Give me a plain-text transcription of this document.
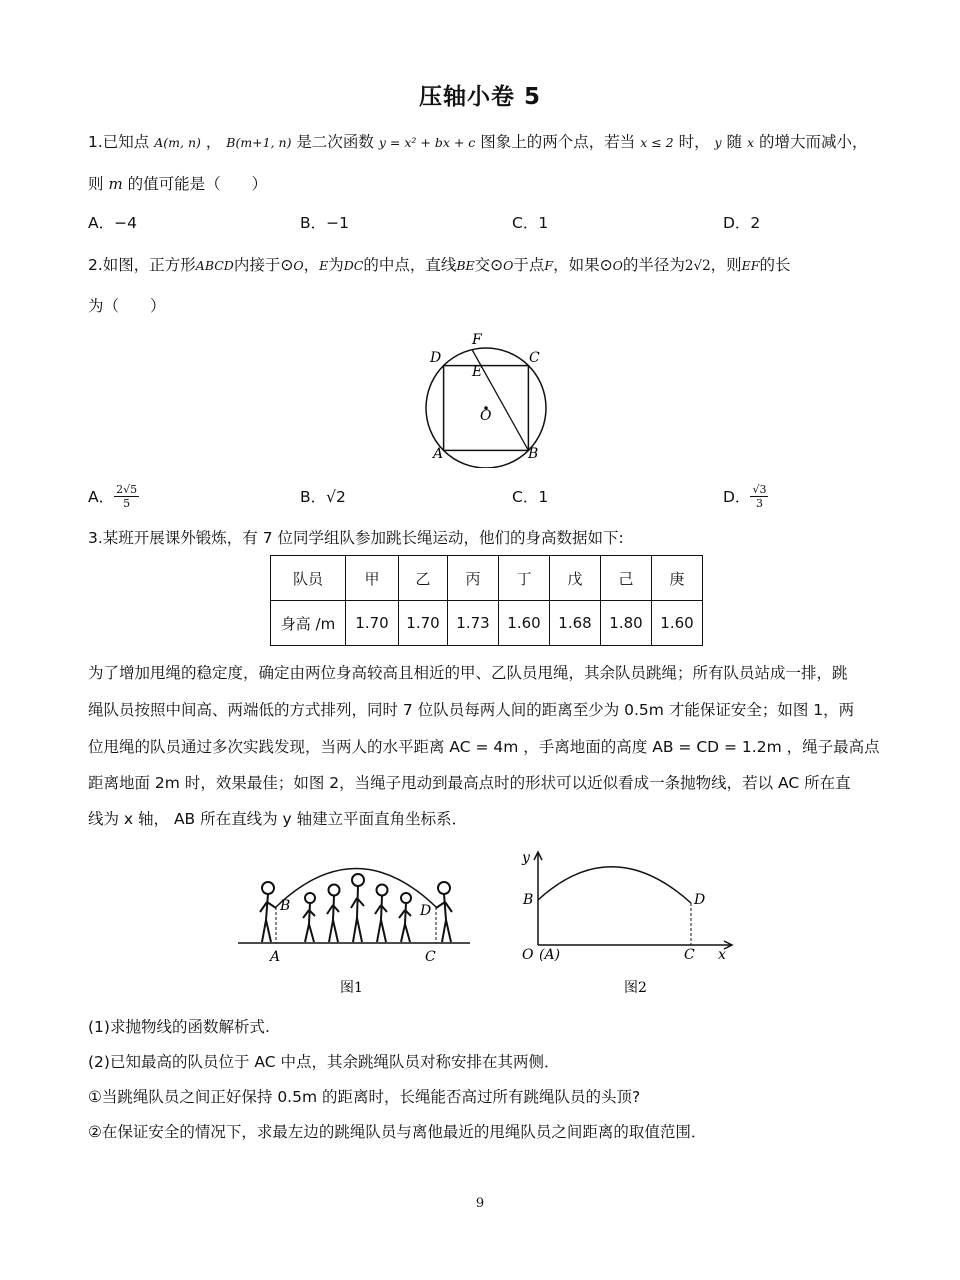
压轴小卷 5
1.已知点 A(m, n) ， B(m+1, n) 是二次函数 y = x² + bx + c 图象上的两个点，若当 x ≤ 2 时， y 随 x 的增大而减小，
则 m 的值可能是（　　）
A．−4	B．−1	C．1	D．2
2.如图，正方形ABCD内接于⊙O，E为DC的中点，直线BE交⊙O于点F，如果⊙O的半径为2√2，则EF的长
为（　　）
F
D	C
E
O
A	B
A． $\frac{2√5}{5}$	B．√2	C．1	D． $\frac{√3}{3}$
3.某班开展课外锻炼，有 7 位同学组队参加跳长绳运动，他们的身高数据如下:
队员	甲	乙	丙	丁	戊	己	庚
身高 /m	1.70	1.70	1.73	1.60	1.68	1.80	1.60
为了增加甩绳的稳定度，确定由两位身高较高且相近的甲、乙队员甩绳，其余队员跳绳；所有队员站成一排，跳
绳队员按照中间高、两端低的方式排列，同时 7 位队员每两人间的距离至少为 0.5m 才能保证安全；如图 1，两
位甩绳的队员通过多次实践发现，当两人的水平距离 AC = 4m ，手离地面的高度 AB = CD = 1.2m ，绳子最高点
距离地面 2m 时，效果最佳；如图 2，当绳子甩动到最高点时的形状可以近似看成一条抛物线，若以 AC 所在直
线为 x 轴， AB 所在直线为 y 轴建立平面直角坐标系．
B	D
A	C
图1
y
B	D
O (A)	C x
图2
(1)求抛物线的函数解析式.
(2)已知最高的队员位于 AC 中点，其余跳绳队员对称安排在其两侧．
①当跳绳队员之间正好保持 0.5m 的距离时，长绳能否高过所有跳绳队员的头顶?
②在保证安全的情况下，求最左边的跳绳队员与离他最近的甩绳队员之间距离的取值范围．
9
